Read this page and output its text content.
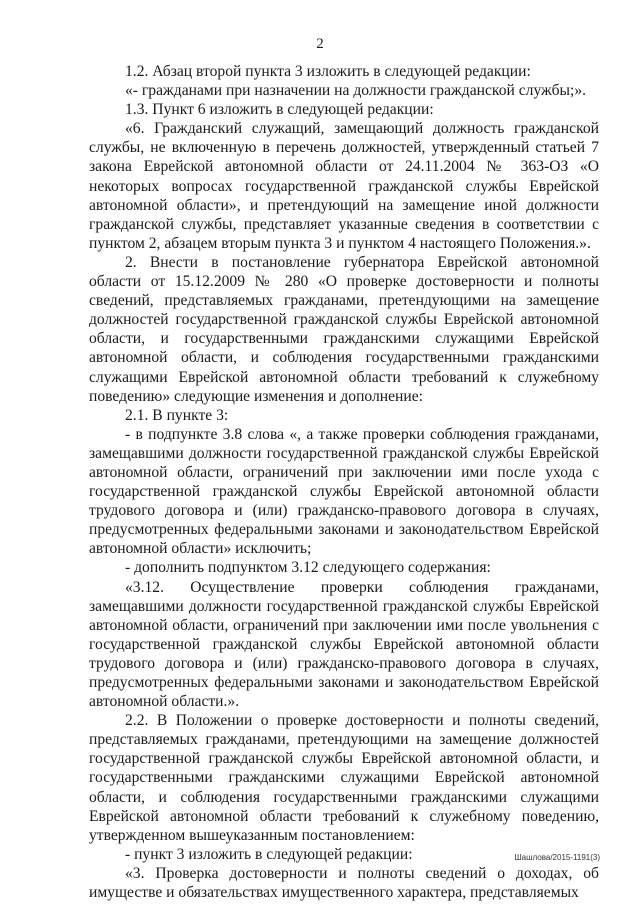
2

1.2. Абзац второй пункта 3 изложить в следующей редакции:

«- гражданами при назначении на должности гражданской службы;».

1.3. Пункт 6 изложить в следующей редакции:

«6. Гражданский служащий, замещающий должность гражданской службы, не включенную в перечень должностей, утвержденный статьей 7 закона Еврейской автономной области от 24.11.2004 № 363-ОЗ «О некоторых вопросах государственной гражданской службы Еврейской автономной области», и претендующий на замещение иной должности гражданской службы, представляет указанные сведения в соответствии с пунктом 2, абзацем вторым пункта 3 и пунктом 4 настоящего Положения.».

2. Внести в постановление губернатора Еврейской автономной области от 15.12.2009 № 280 «О проверке достоверности и полноты сведений, представляемых гражданами, претендующими на замещение должностей государственной гражданской службы Еврейской автономной области, и государственными гражданскими служащими Еврейской автономной области, и соблюдения государственными гражданскими служащими Еврейской автономной области требований к служебному поведению» следующие изменения и дополнение:

2.1. В пункте 3:

- в подпункте 3.8 слова «, а также проверки соблюдения гражданами, замещавшими должности государственной гражданской службы Еврейской автономной области, ограничений при заключении ими после ухода с государственной гражданской службы Еврейской автономной области трудового договора и (или) гражданско-правового договора в случаях, предусмотренных федеральными законами и законодательством Еврейской автономной области» исключить;

- дополнить подпунктом 3.12 следующего содержания:

«3.12. Осуществление проверки соблюдения гражданами, замещавшими должности государственной гражданской службы Еврейской автономной области, ограничений при заключении ими после увольнения с государственной гражданской службы Еврейской автономной области трудового договора и (или) гражданско-правового договора в случаях, предусмотренных федеральными законами и законодательством Еврейской автономной области.».

2.2. В Положении о проверке достоверности и полноты сведений, представляемых гражданами, претендующими на замещение должностей государственной гражданской службы Еврейской автономной области, и государственными гражданскими служащими Еврейской автономной области, и соблюдения государственными гражданскими служащими Еврейской автономной области требований к служебному поведению, утвержденном вышеуказанным постановлением:

- пункт 3 изложить в следующей редакции:

«3. Проверка достоверности и полноты сведений о доходах, об имуществе и обязательствах имущественного характера, представляемых

Шашлова/2015-1191(3)
